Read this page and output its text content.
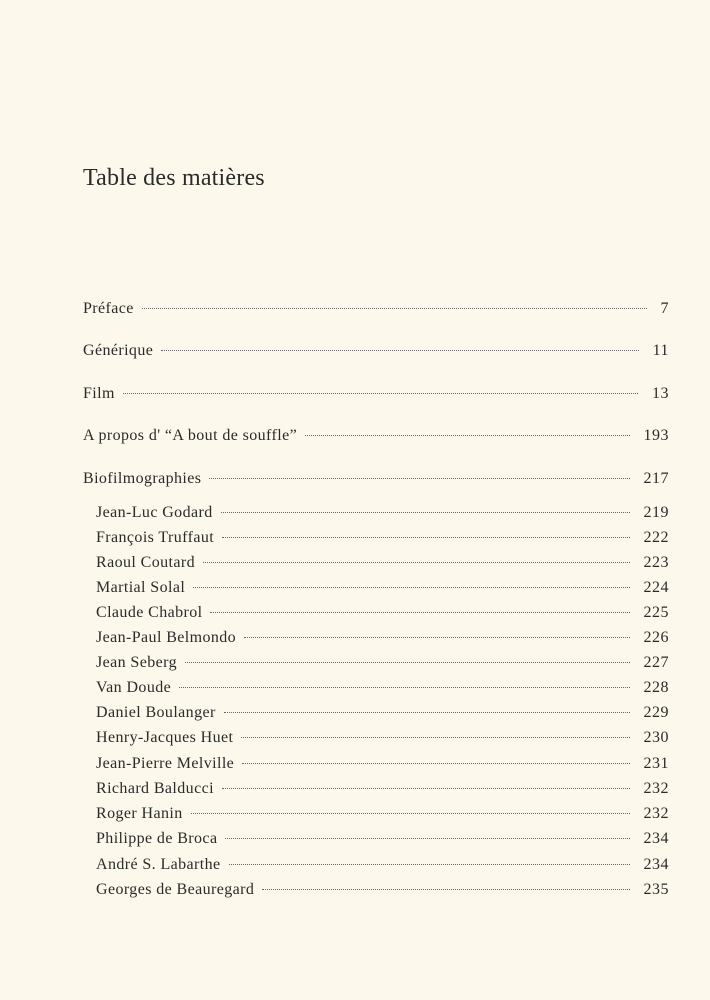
Table des matières
Préface	7
Générique	11
Film	13
A propos d' “A bout de souffle”	193
Biofilmographies	217
Jean-Luc Godard	219
François Truffaut	222
Raoul Coutard	223
Martial Solal	224
Claude Chabrol	225
Jean-Paul Belmondo	226
Jean Seberg	227
Van Doude	228
Daniel Boulanger	229
Henry-Jacques Huet	230
Jean-Pierre Melville	231
Richard Balducci	232
Roger Hanin	232
Philippe de Broca	234
André S. Labarthe	234
Georges de Beauregard	235
